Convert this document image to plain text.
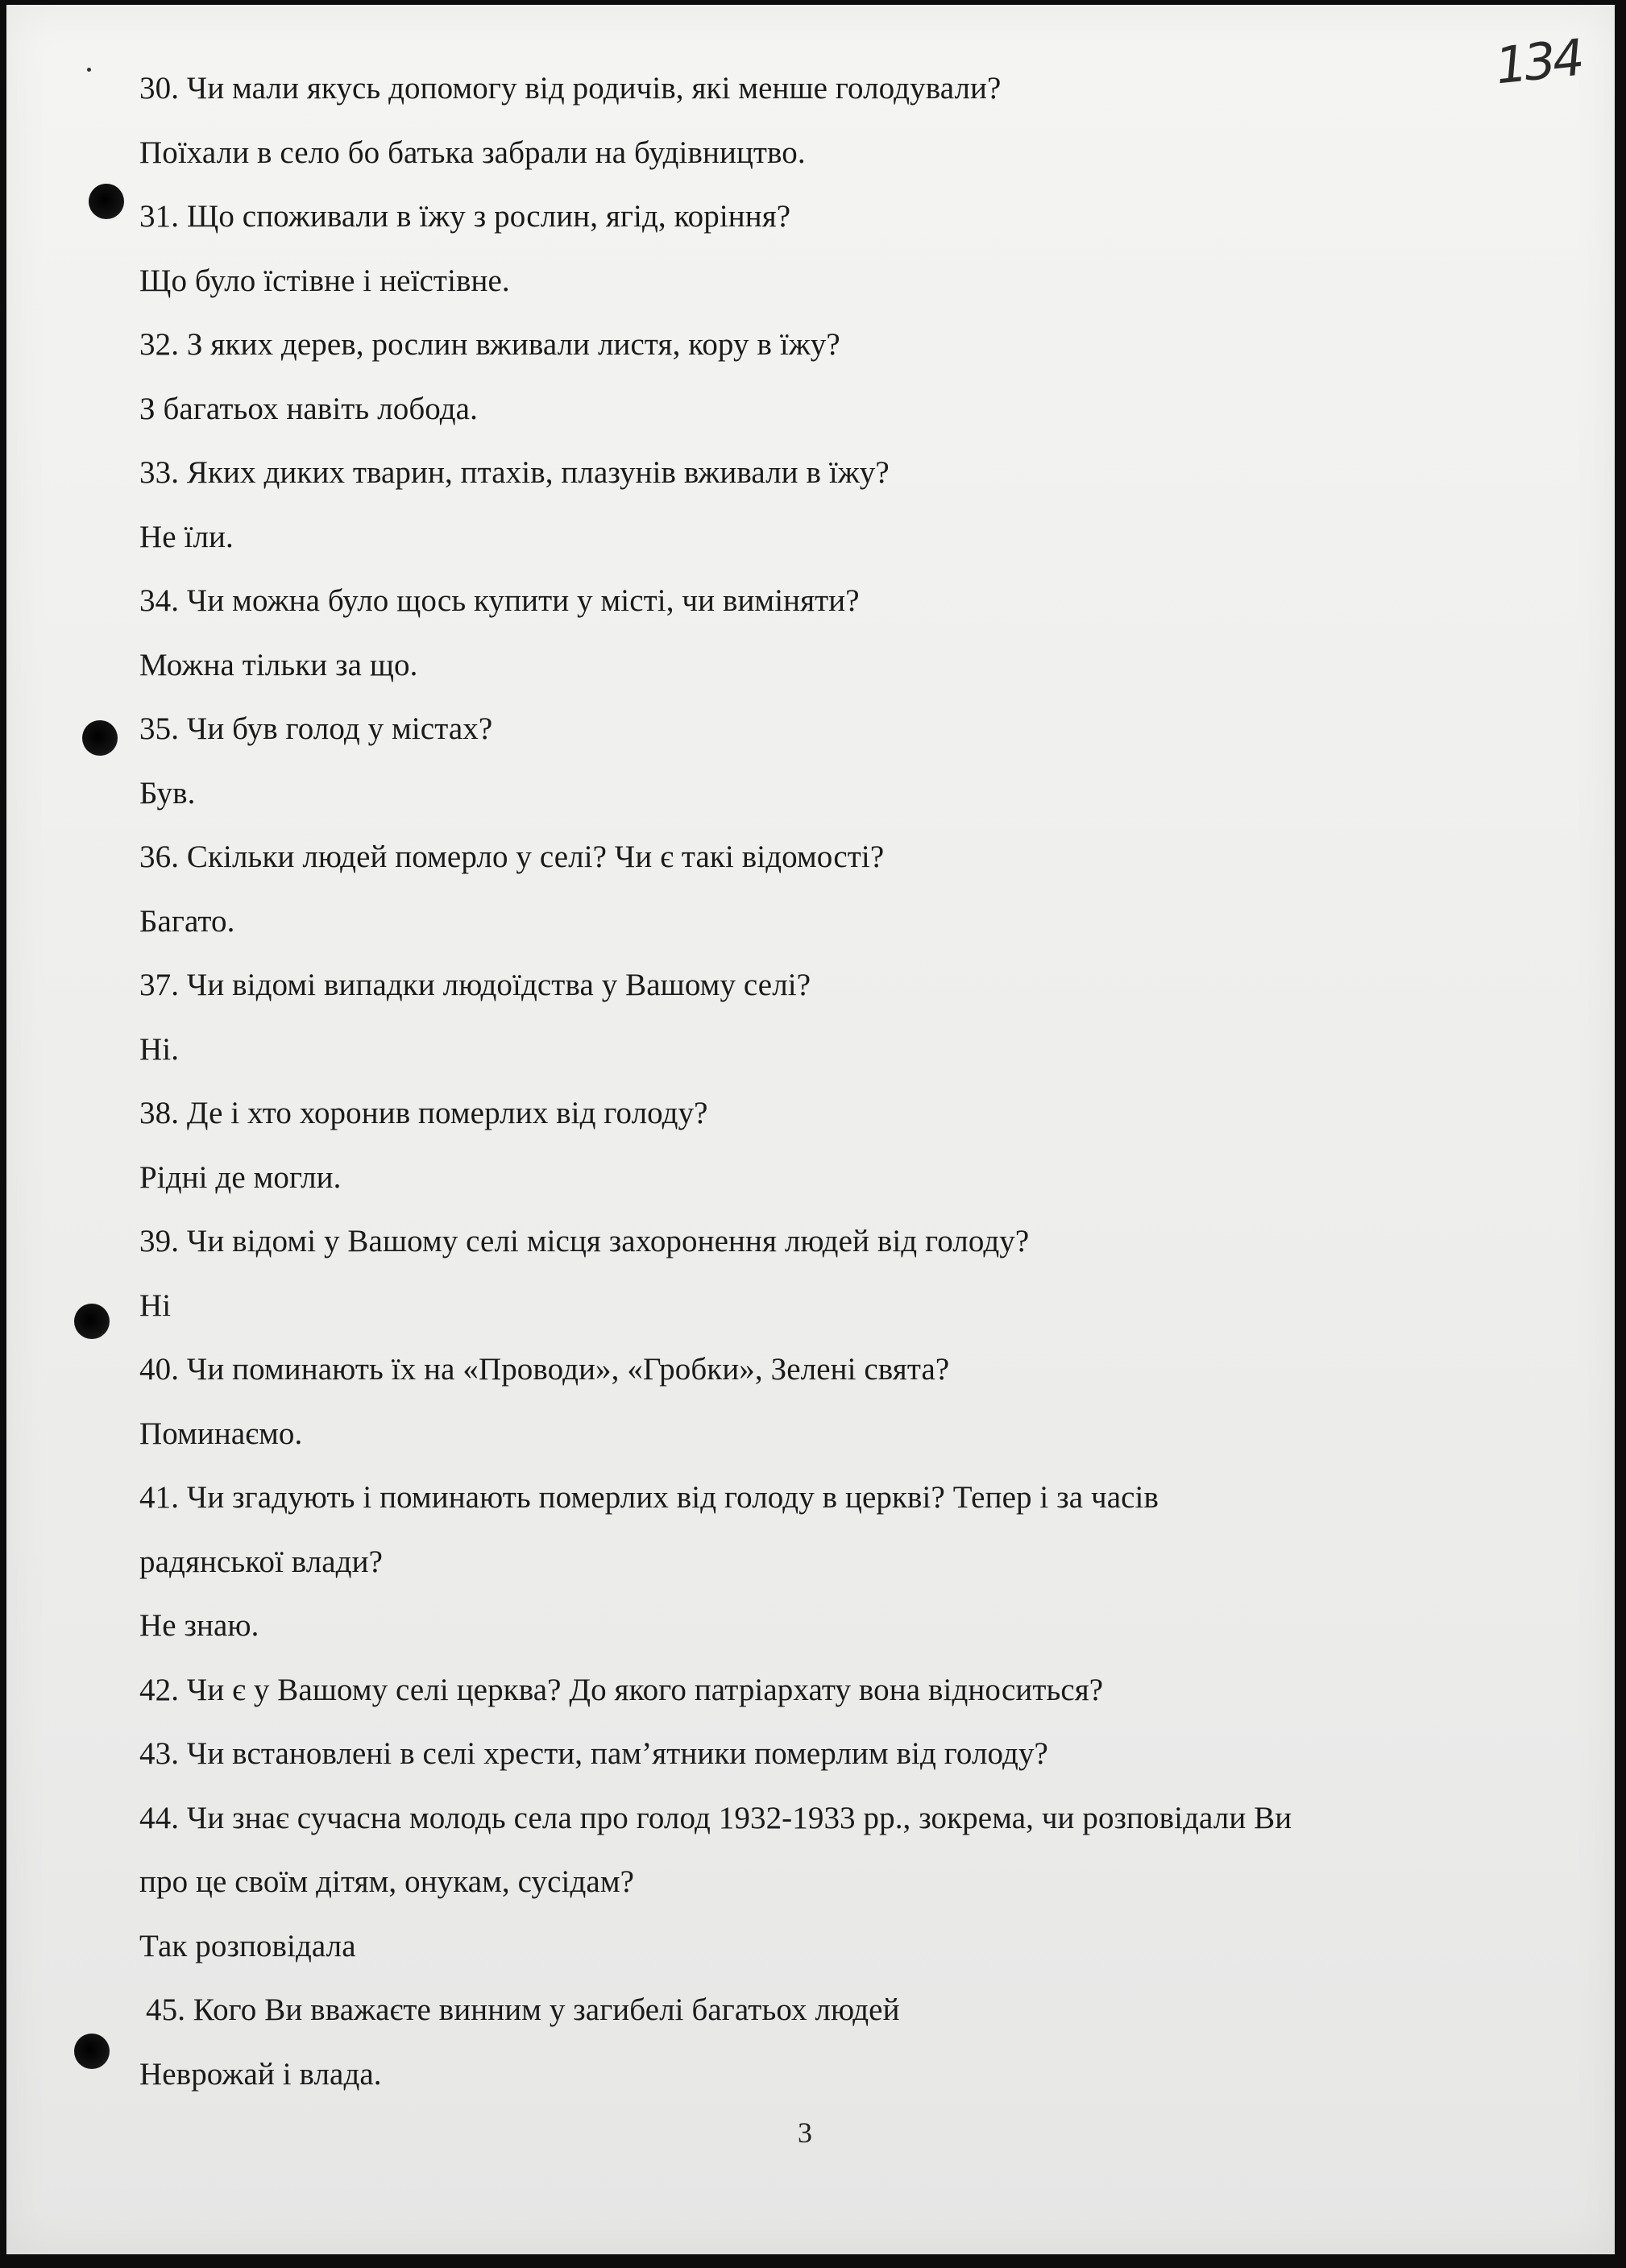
134
30. Чи мали якусь допомогу від родичів, які менше голодували?
Поїхали в село бо батька забрали на будівництво.
31. Що споживали в їжу з рослин, ягід, коріння?
Що було їстівне і неїстівне.
32. З яких дерев, рослин вживали листя, кору в їжу?
З багатьох навіть лобода.
33. Яких диких тварин, птахів, плазунів вживали в їжу?
Не їли.
34. Чи можна було щось купити у місті, чи виміняти?
Можна тільки за що.
35. Чи був голод у містах?
Був.
36. Скільки людей померло у селі? Чи є такі відомості?
Багато.
37. Чи відомі випадки людоїдства у Вашому селі?
Ні.
38. Де і хто хоронив померлих від голоду?
Рідні де могли.
39. Чи відомі у Вашому селі місця захоронення людей від голоду?
Ні
40. Чи поминають їх на «Проводи», «Гробки», Зелені свята?
Поминаємо.
41. Чи згадують і поминають померлих від голоду в церкві? Тепер і за часів
радянської влади?
Не знаю.
42. Чи є у Вашому селі церква? До якого патріархату вона відноситься?
43. Чи встановлені в селі хрести, пам’ятники померлим від голоду?
44. Чи знає сучасна молодь села про голод 1932-1933 рр., зокрема, чи розповідали Ви
про це своїм дітям, онукам, сусідам?
Так розповідала
45. Кого Ви вважаєте винним у загибелі багатьох людей
Неврожай і влада.
3
